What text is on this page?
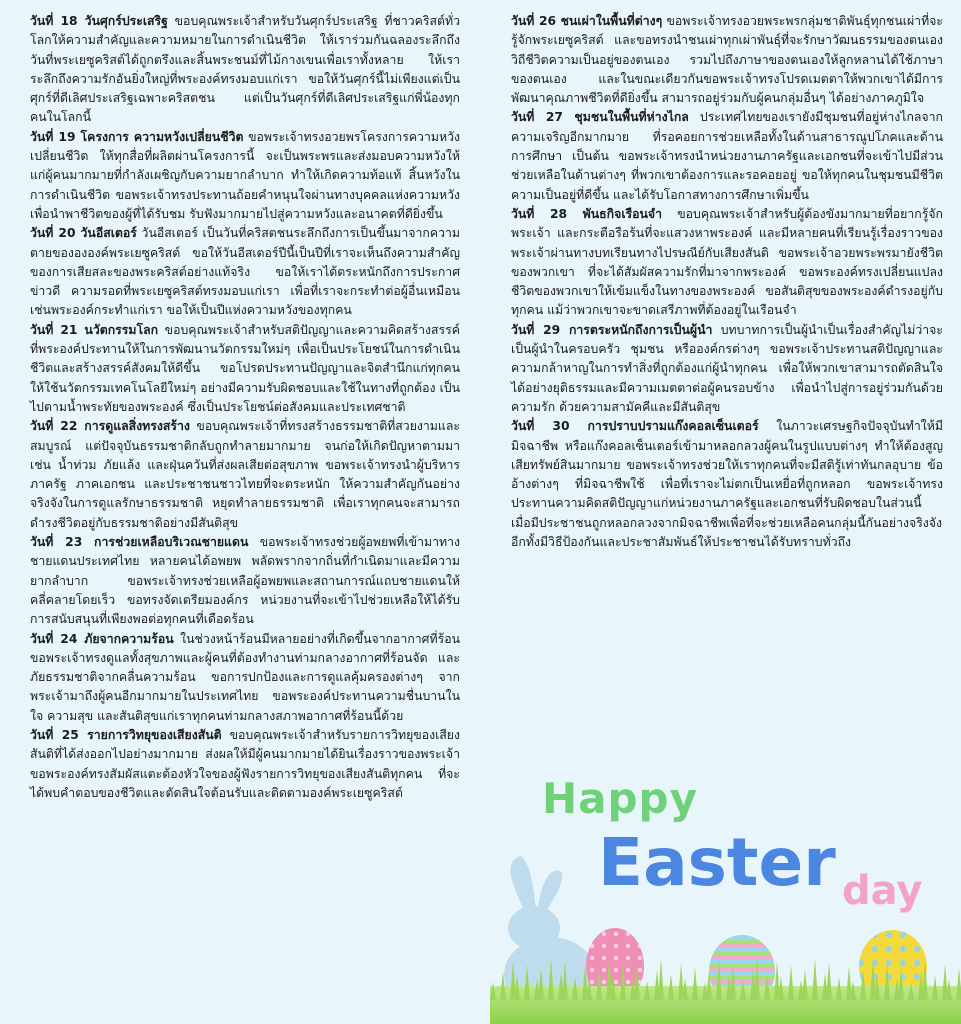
วันที่ 18 วันศุกร์ประเสริฐ ขอบคุณพระเจ้าสำหรับวันศุกร์ประเสริฐ ที่ชาวคริสต์ทั่วโลกให้ความสำคัญและความหมายในการดำเนินชีวิต ให้เราร่วมกันฉลองระลึกถึงวันที่พระเยซูคริสต์ได้ถูกตรึงและสิ้นพระชนม์ที่ไม้กางเขนเพื่อเราทั้งหลาย ให้เราระลึกถึงความรักอันยิ่งใหญ่ที่พระองค์ทรงมอบแก่เรา ขอให้วันศุกร์นี้ไม่เพียงแต่เป็นศุกร์ที่ดีเลิศประเสริฐเฉพาะคริสตชน แต่เป็นวันศุกร์ที่ดีเลิศประเสริฐแก่พี่น้องทุกคนในโลกนี้

วันที่ 19 โครงการ ความหวังเปลี่ยนชีวิต ขอพระเจ้าทรงอวยพรโครงการความหวังเปลี่ยนชีวิต ให้ทุกสื่อที่ผลิตผ่านโครงการนี้ จะเป็นพระพรและส่งมอบความหวังให้แก่ผู้คนมากมายที่กำลังเผชิญกับความยากลำบาก ทำให้เกิดความท้อแท้ สิ้นหวังในการดำเนินชีวิต ขอพระเจ้าทรงประทานถ้อยคำหนุนใจผ่านทางบุคคลแห่งความหวัง เพื่อนำพาชีวิตของผู้ที่ได้รับชม รับฟังมากมายไปสู่ความหวังและอนาคตที่ดียิ่งขึ้น

วันที่ 20 วันอีสเตอร์ วันอีสเตอร์ เป็นวันที่คริสตชนระลึกถึงการเป็นขึ้นมาจากความตายของององค์พระเยซูคริสต์ ขอให้วันอีสเตอร์ปีนี้เป็นปีที่เราจะเห็นถึงความสำคัญของการเสียสละของพระคริสต์อย่างแท้จริง ขอให้เราได้ตระหนักถึงการประกาศข่าวดี ความรอดที่พระเยซูคริสต์ทรงมอบแก่เรา เพื่อที่เราจะกระทำต่อผู้อื่นเหมือนเช่นพระองค์กระทำแก่เรา ขอให้เป็นปีแห่งความหวังของทุกคน

วันที่ 21 นวัตกรรมโลก ขอบคุณพระเจ้าสำหรับสติปัญญาและความคิดสร้างสรรค์ที่พระองค์ประทานให้ในการพัฒนานวัตกรรมใหม่ๆ เพื่อเป็นประโยชน์ในการดำเนินชีวิตและสร้างสรรค์สังคมให้ดีขึ้น ขอโปรดประทานปัญญาและจิตสำนึกแก่ทุกคน ให้ใช้นวัตกรรมเทคโนโลยีใหม่ๆ อย่างมีความรับผิดชอบและใช้ในทางที่ถูกต้อง เป็นไปตามน้ำพระทัยของพระองค์ ซึ่งเป็นประโยชน์ต่อสังคมและประเทศชาติ

วันที่ 22 การดูแลสิ่งทรงสร้าง ขอบคุณพระเจ้าที่ทรงสร้างธรรมชาติที่สวยงามและสมบูรณ์ แต่ปัจจุบันธรรมชาติกลับถูกทำลายมากมาย จนก่อให้เกิดปัญหาตามมา เช่น น้ำท่วม ภัยแล้ง และฝุ่นควันที่ส่งผลเสียต่อสุขภาพ ขอพระเจ้าทรงนำผู้บริหารภาครัฐ ภาคเอกชน และประชาชนชาวไทยที่จะตระหนัก ให้ความสำคัญกันอย่างจริงจังในการดูแลรักษาธรรมชาติ หยุดทำลายธรรมชาติ เพื่อเราทุกคนจะสามารถดำรงชีวิตอยู่กับธรรมชาติอย่างมีสันติสุข

วันที่ 23 การช่วยเหลือบริเวณชายแดน ขอพระเจ้าทรงช่วยผู้อพยพที่เข้ามาทางชายแดนประเทศไทย หลายคนได้อพยพ พลัดพรากจากถิ่นที่กำเนิดมาและมีความยากลำบาก ขอพระเจ้าทรงช่วยเหลือผู้อพยพและสถานการณ์แถบชายแดนให้คลี่คลายโดยเร็ว ขอทรงจัดเตรียมองค์กร หน่วยงานที่จะเข้าไปช่วยเหลือให้ได้รับการสนับสนุนที่เพียงพอต่อทุกคนที่เดือดร้อน

วันที่ 24 ภัยจากความร้อน ในช่วงหน้าร้อนมีหลายอย่างที่เกิดขึ้นจากอากาศที่ร้อน ขอพระเจ้าทรงดูแลทั้งสุขภาพและผู้คนที่ต้องทำงานท่ามกลางอากาศที่ร้อนจัด และภัยธรรมชาติจากคลื่นความร้อน ขอการปกป้องและการดูแลคุ้มครองต่างๆ จากพระเจ้ามาถึงผู้คนอีกมากมายในประเทศไทย ขอพระองค์ประทานความชื่นบานในใจ ความสุข และสันติสุขแก่เราทุกคนท่ามกลางสภาพอากาศที่ร้อนนี้ด้วย

วันที่ 25 รายการวิทยุของเสียงสันติ ขอบคุณพระเจ้าสำหรับรายการวิทยุของเสียงสันติที่ได้ส่งออกไปอย่างมากมาย ส่งผลให้มีผู้คนมากมายได้ยินเรื่องราวของพระเจ้า ขอพระองค์ทรงสัมผัสแตะต้องหัวใจของผู้ฟังรายการวิทยุของเสียงสันติทุกคน ที่จะได้พบคำตอบของชีวิตและตัดสินใจต้อนรับและติดตามองค์พระเยซูคริสต์

วันที่ 26 ชนเผ่าในพื้นที่ต่างๆ ขอพระเจ้าทรงอวยพระพรกลุ่มชาติพันธุ์ทุกชนเผ่าที่จะรู้จักพระเยซูคริสต์ และขอทรงนำชนเผ่าทุกเผ่าพันธุ์ที่จะรักษาวัฒนธรรมของตนเอง วิถีชีวิตความเป็นอยู่ของตนเอง รวมไปถึงภาษาของตนเองให้ลูกหลานได้ใช้ภาษาของตนเอง และในขณะเดียวกันขอพระเจ้าทรงโปรดเมตตาให้พวกเขาได้มีการพัฒนาคุณภาพชีวิตที่ดียิ่งขึ้น สามารถอยู่ร่วมกับผู้คนกลุ่มอื่นๆ ได้อย่างภาคภูมิใจ

วันที่ 27 ชุมชนในพื้นที่ห่างไกล ประเทศไทยของเรายังมีชุมชนที่อยู่ห่างไกลจากความเจริญอีกมากมาย ที่รอคอยการช่วยเหลือทั้งในด้านสาธารณูปโภคและด้านการศึกษา เป็นต้น ขอพระเจ้าทรงนำหน่วยงานภาครัฐและเอกชนที่จะเข้าไปมีส่วนช่วยเหลือในด้านต่างๆ ที่พวกเขาต้องการและรอคอยอยู่ ขอให้ทุกคนในชุมชนมีชีวิตความเป็นอยู่ที่ดีขึ้น และได้รับโอกาสทางการศึกษาเพิ่มขึ้น

วันที่ 28 พันธกิจเรือนจำ ขอบคุณพระเจ้าสำหรับผู้ต้องขังมากมายที่อยากรู้จักพระเจ้า และกระตือรือร้นที่จะแสวงหาพระองค์ และมีหลายคนที่เรียนรู้เรื่องราวของพระเจ้าผ่านทางบทเรียนทางไปรษณีย์กับเสียงสันติ ขอพระเจ้าอวยพระพรมายังชีวิตของพวกเขา ที่จะได้สัมผัสความรักที่มาจากพระองค์ ขอพระองค์ทรงเปลี่ยนแปลงชีวิตของพวกเขาให้เข้มแข็งในทางของพระองค์ ขอสันติสุขของพระองค์ดำรงอยู่กับทุกคน แม้ว่าพวกเขาจะขาดเสรีภาพที่ต้องอยู่ในเรือนจำ

วันที่ 29 การตระหนักถึงการเป็นผู้นำ บทบาทการเป็นผู้นำเป็นเรื่องสำคัญไม่ว่าจะเป็นผู้นำในครอบครัว ชุมชน หรือองค์กรต่างๆ ขอพระเจ้าประทานสติปัญญาและความกล้าหาญในการทำสิ่งที่ถูกต้องแก่ผู้นำทุกคน เพื่อให้พวกเขาสามารถตัดสินใจได้อย่างยุติธรรมและมีความเมตตาต่อผู้คนรอบข้าง เพื่อนำไปสู่การอยู่ร่วมกันด้วยความรัก ด้วยความสามัคคีและมีสันติสุข

วันที่ 30 การปราบปรามแก๊งคอลเซ็นเตอร์ ในภาวะเศรษฐกิจปัจจุบันทำให้มีมิจฉาชีพ หรือแก๊งคอลเซ็นเตอร์เข้ามาหลอกลวงผู้คนในรูปแบบต่างๆ ทำให้ต้องสูญเสียทรัพย์สินมากมาย ขอพระเจ้าทรงช่วยให้เราทุกคนที่จะมีสติรู้เท่าทันกลอุบาย ข้ออ้างต่างๆ ที่มิจฉาชีพใช้ เพื่อที่เราจะไม่ตกเป็นเหยื่อที่ถูกหลอก ขอพระเจ้าทรงประทานความคิดสติปัญญาแก่หน่วยงานภาครัฐและเอกชนที่รับผิดชอบในส่วนนี้ เมื่อมีประชาชนถูกหลอกลวงจากมิจฉาชีพเพื่อที่จะช่วยเหลือคนกลุ่มนี้กันอย่างจริงจัง อีกทั้งมีวิธีป้องกันและประชาสัมพันธ์ให้ประชาชนได้รับทราบทั่วถึง

Happy
Easter day
